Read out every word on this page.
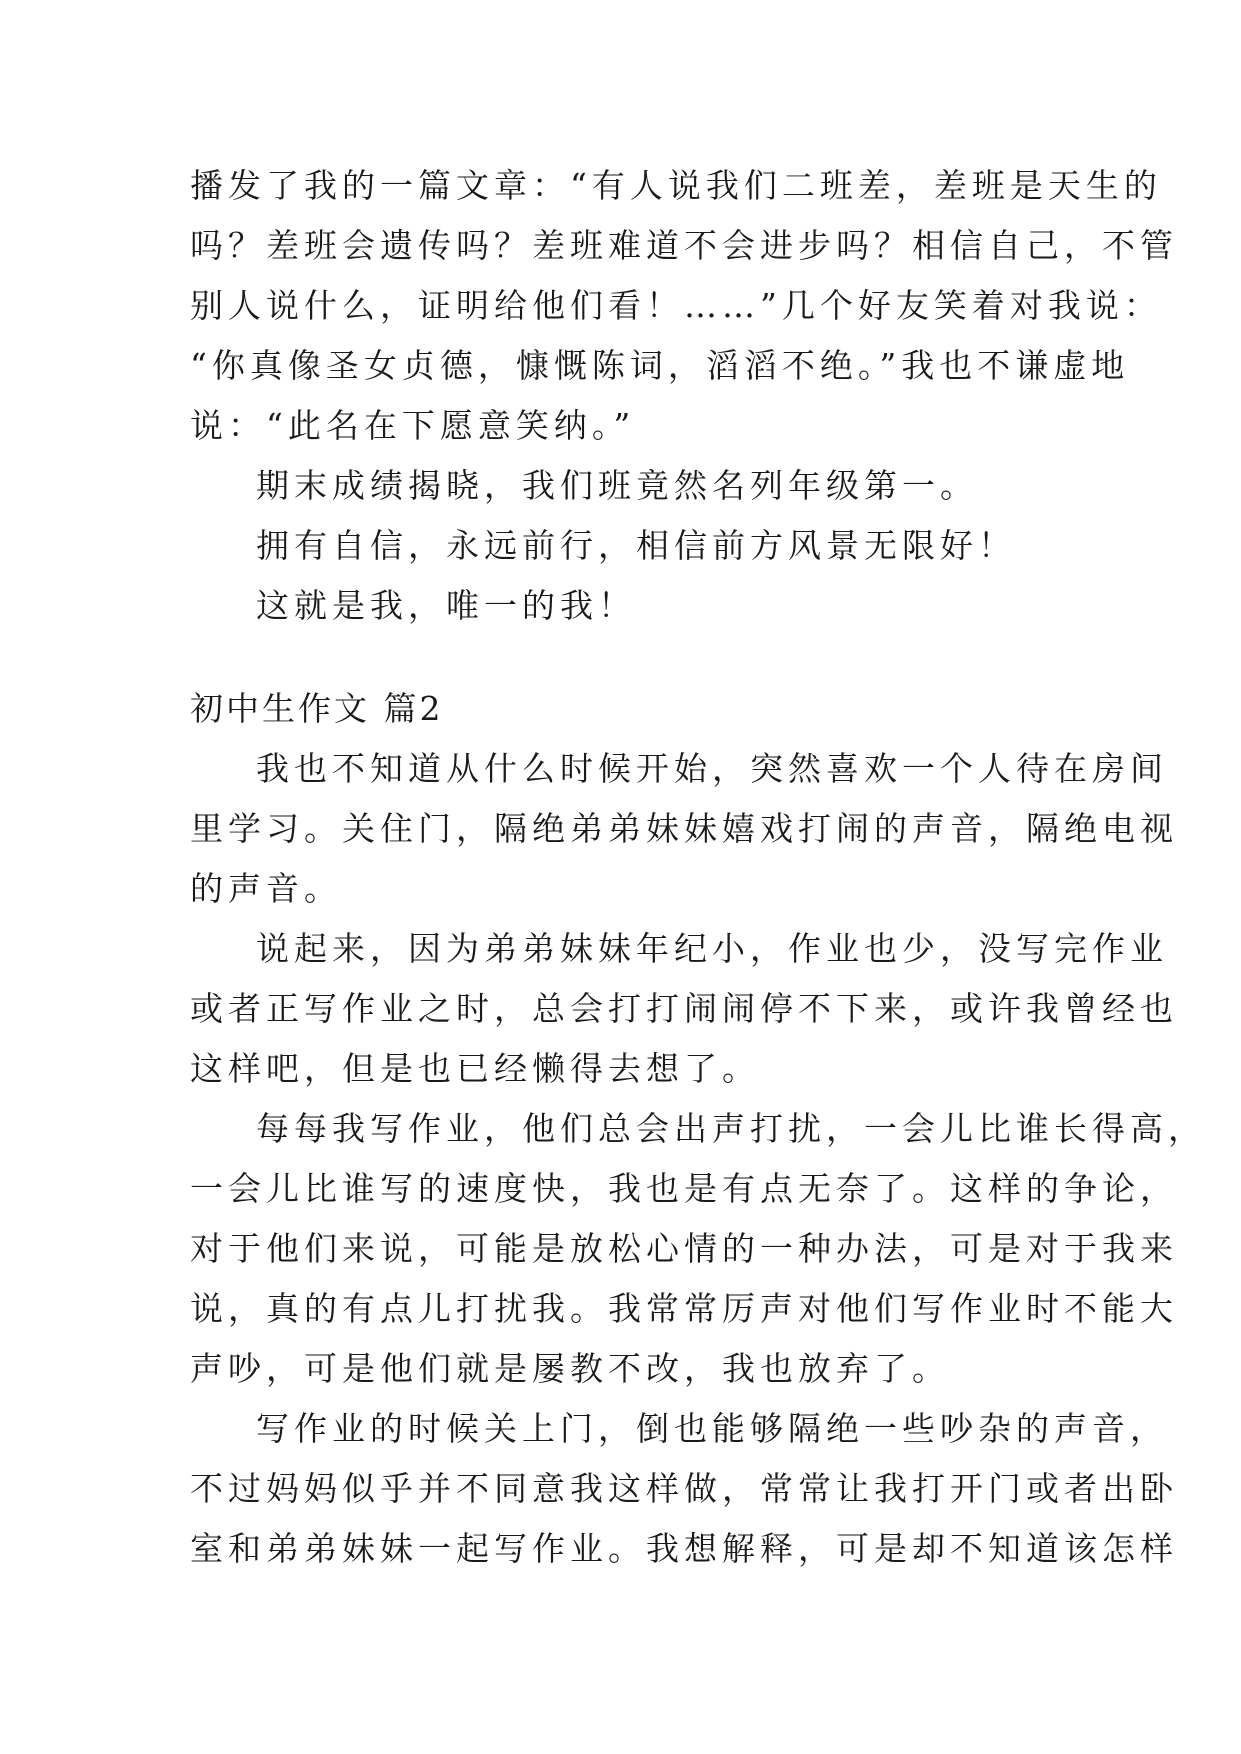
播发了我的一篇文章：“有人说我们二班差，差班是天生的
吗？差班会遗传吗？差班难道不会进步吗？相信自己，不管
别人说什么，证明给他们看！……”几个好友笑着对我说：
“你真像圣女贞德，慷慨陈词，滔滔不绝。”我也不谦虚地
说：“此名在下愿意笑纳。”
期末成绩揭晓，我们班竟然名列年级第一。
拥有自信，永远前行，相信前方风景无限好！
这就是我，唯一的我！
初中生作文 篇2
我也不知道从什么时候开始，突然喜欢一个人待在房间
里学习。关住门，隔绝弟弟妹妹嬉戏打闹的声音，隔绝电视
的声音。
说起来，因为弟弟妹妹年纪小，作业也少，没写完作业
或者正写作业之时，总会打打闹闹停不下来，或许我曾经也
这样吧，但是也已经懒得去想了。
每每我写作业，他们总会出声打扰，一会儿比谁长得高，
一会儿比谁写的速度快，我也是有点无奈了。这样的争论，
对于他们来说，可能是放松心情的一种办法，可是对于我来
说，真的有点儿打扰我。我常常厉声对他们写作业时不能大
声吵，可是他们就是屡教不改，我也放弃了。
写作业的时候关上门，倒也能够隔绝一些吵杂的声音，
不过妈妈似乎并不同意我这样做，常常让我打开门或者出卧
室和弟弟妹妹一起写作业。我想解释，可是却不知道该怎样
